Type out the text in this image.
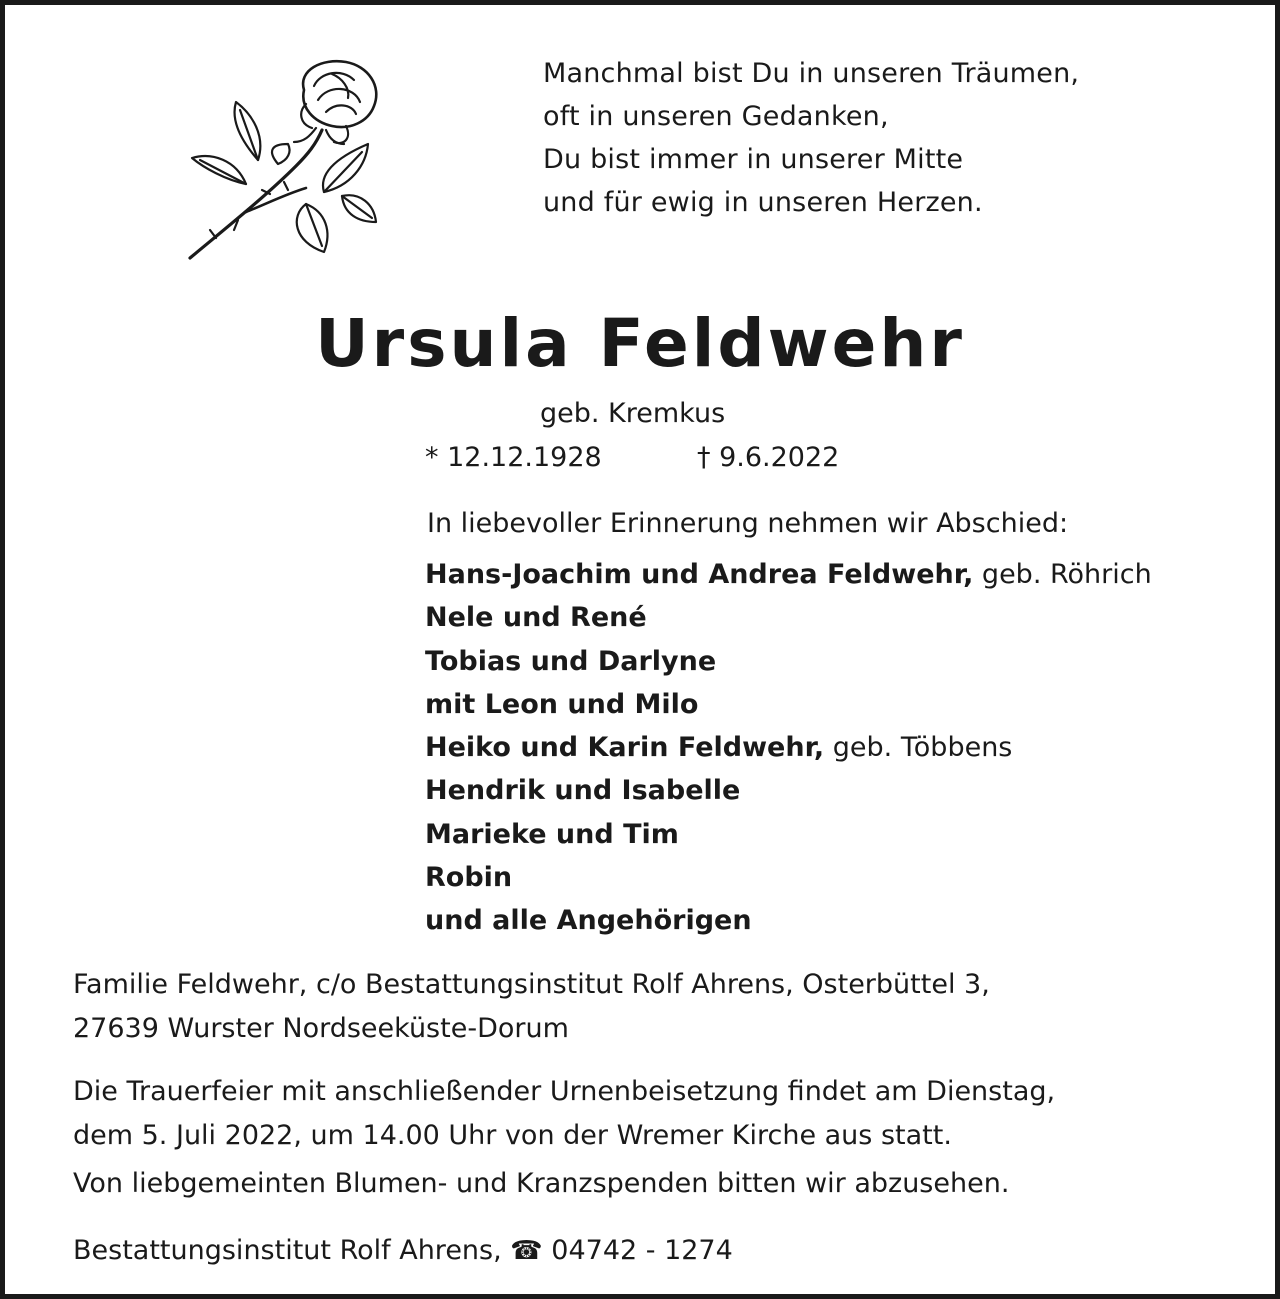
Manchmal bist Du in unseren Träumen,
oft in unseren Gedanken,
Du bist immer in unserer Mitte
und für ewig in unseren Herzen.
Ursula Feldwehr
geb. Kremkus
* 12.12.1928	† 9.6.2022
In liebevoller Erinnerung nehmen wir Abschied:
Hans-Joachim und Andrea Feldwehr, geb. Röhrich
Nele und René
Tobias und Darlyne
mit Leon und Milo
Heiko und Karin Feldwehr, geb. Többens
Hendrik und Isabelle
Marieke und Tim
Robin
und alle Angehörigen
Familie Feldwehr, c/o Bestattungsinstitut Rolf Ahrens, Osterbüttel 3,
27639 Wurster Nordseeküste-Dorum
Die Trauerfeier mit anschließender Urnenbeisetzung findet am Dienstag,
dem 5. Juli 2022, um 14.00 Uhr von der Wremer Kirche aus statt.
Von liebgemeinten Blumen- und Kranzspenden bitten wir abzusehen.
Bestattungsinstitut Rolf Ahrens, ☎ 04742 - 1274
